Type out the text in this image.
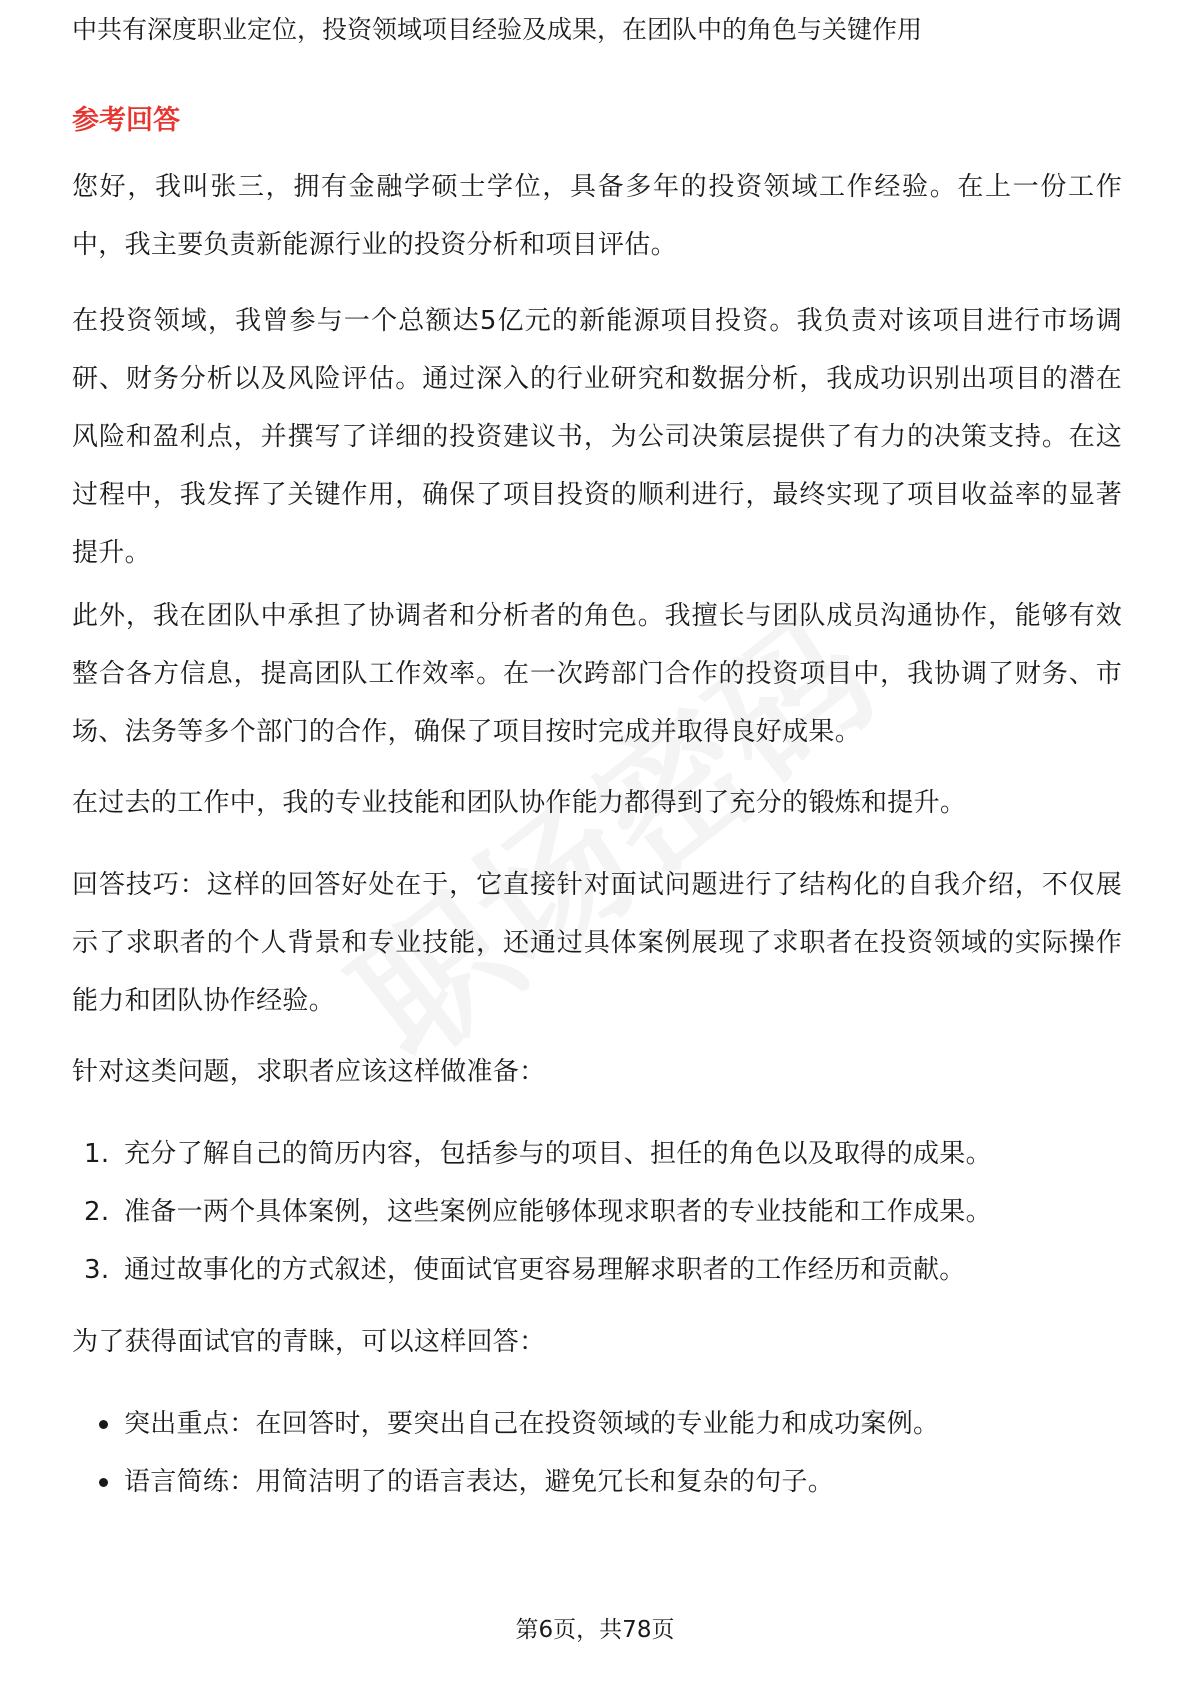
中共有深度职业定位，投资领域项目经验及成果，在团队中的角色与关键作用
参考回答
您好，我叫张三，拥有金融学硕士学位，具备多年的投资领域工作经验。在上一份工作中，我主要负责新能源行业的投资分析和项目评估。
在投资领域，我曾参与一个总额达5亿元的新能源项目投资。我负责对该项目进行市场调研、财务分析以及风险评估。通过深入的行业研究和数据分析，我成功识别出项目的潜在风险和盈利点，并撰写了详细的投资建议书，为公司决策层提供了有力的决策支持。在这过程中，我发挥了关键作用，确保了项目投资的顺利进行，最终实现了项目收益率的显著提升。
此外，我在团队中承担了协调者和分析者的角色。我擅长与团队成员沟通协作，能够有效整合各方信息，提高团队工作效率。在一次跨部门合作的投资项目中，我协调了财务、市场、法务等多个部门的合作，确保了项目按时完成并取得良好成果。
在过去的工作中，我的专业技能和团队协作能力都得到了充分的锻炼和提升。
回答技巧：这样的回答好处在于，它直接针对面试问题进行了结构化的自我介绍，不仅展示了求职者的个人背景和专业技能，还通过具体案例展现了求职者在投资领域的实际操作能力和团队协作经验。
针对这类问题，求职者应该这样做准备：
1. 充分了解自己的简历内容，包括参与的项目、担任的角色以及取得的成果。
2. 准备一两个具体案例，这些案例应能够体现求职者的专业技能和工作成果。
3. 通过故事化的方式叙述，使面试官更容易理解求职者的工作经历和贡献。
为了获得面试官的青睐，可以这样回答：
突出重点：在回答时，要突出自己在投资领域的专业能力和成功案例。
语言简练：用简洁明了的语言表达，避免冗长和复杂的句子。
第6页，共78页
